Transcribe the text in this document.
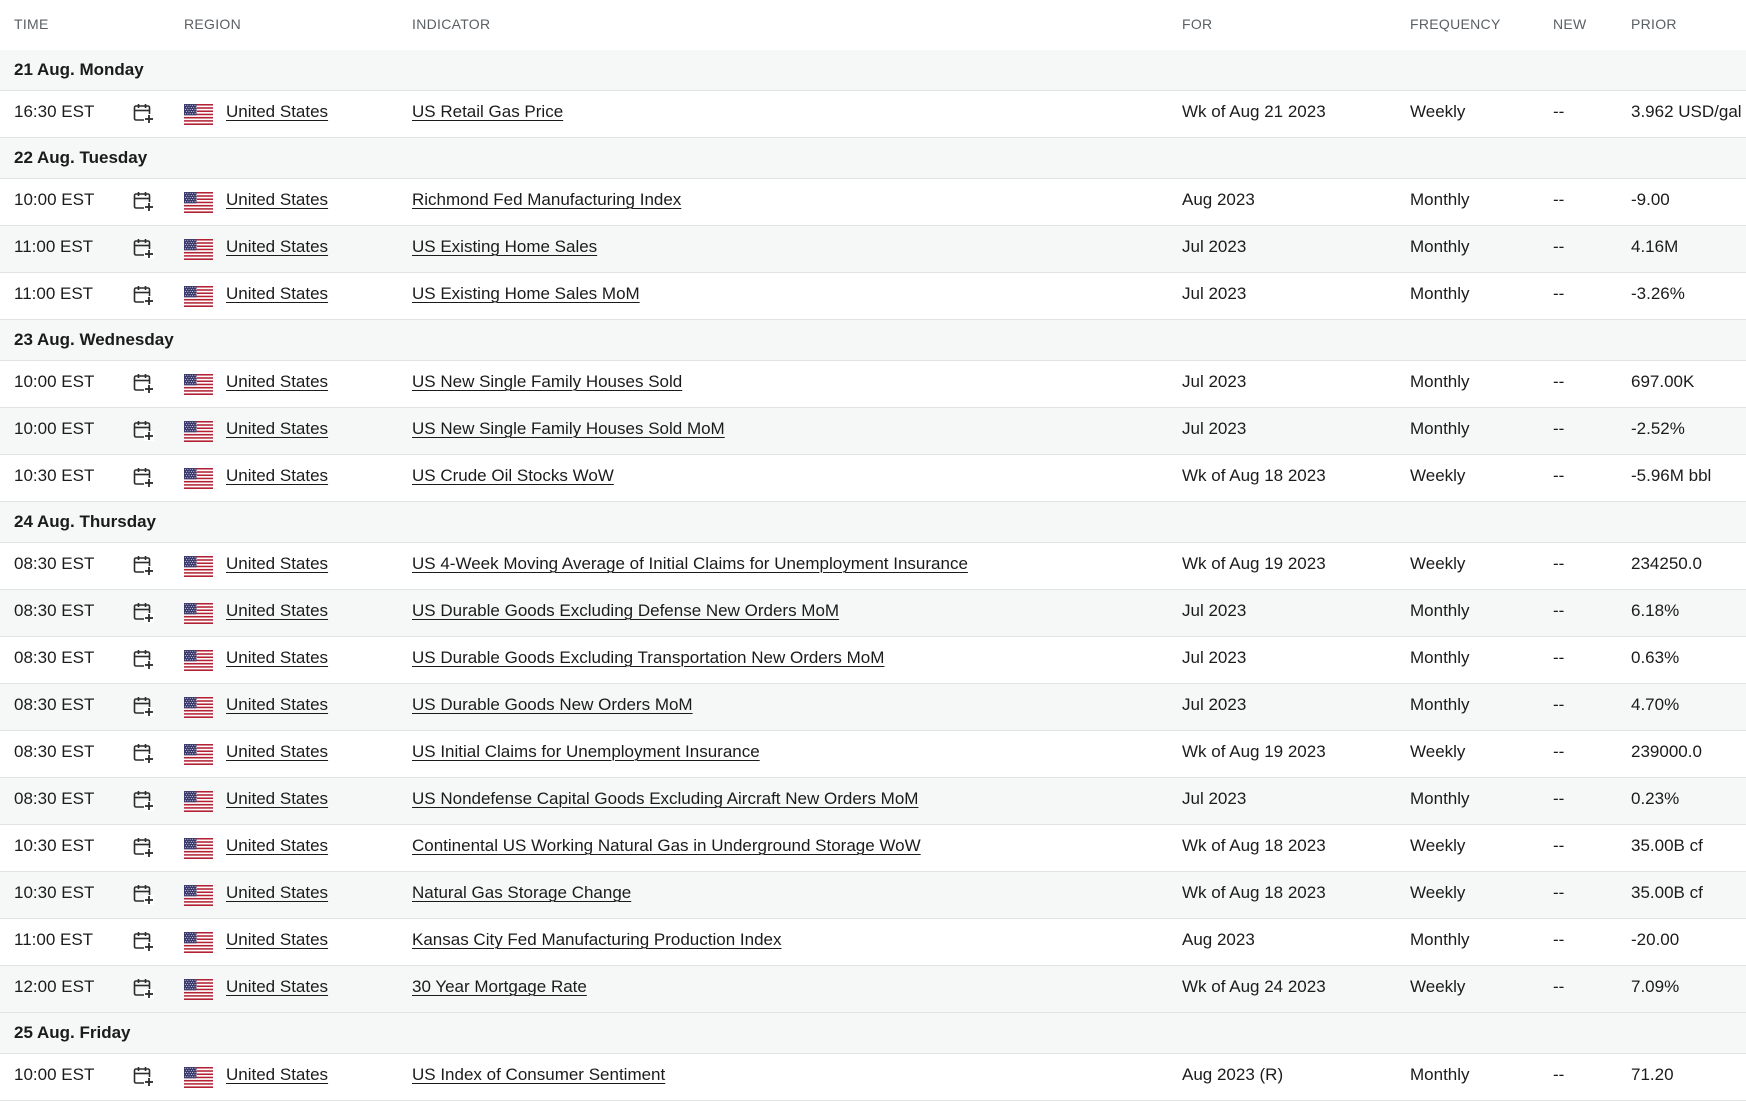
TIME	REGION	INDICATOR	FOR	FREQUENCY	NEW	PRIOR
21 Aug. Monday
16:30 EST	United States	US Retail Gas Price	Wk of Aug 21 2023	Weekly	--	3.962 USD/gal
22 Aug. Tuesday
10:00 EST	United States	Richmond Fed Manufacturing Index	Aug 2023	Monthly	--	-9.00
11:00 EST	United States	US Existing Home Sales	Jul 2023	Monthly	--	4.16M
11:00 EST	United States	US Existing Home Sales MoM	Jul 2023	Monthly	--	-3.26%
23 Aug. Wednesday
10:00 EST	United States	US New Single Family Houses Sold	Jul 2023	Monthly	--	697.00K
10:00 EST	United States	US New Single Family Houses Sold MoM	Jul 2023	Monthly	--	-2.52%
10:30 EST	United States	US Crude Oil Stocks WoW	Wk of Aug 18 2023	Weekly	--	-5.96M bbl
24 Aug. Thursday
08:30 EST	United States	US 4-Week Moving Average of Initial Claims for Unemployment Insurance	Wk of Aug 19 2023	Weekly	--	234250.0
08:30 EST	United States	US Durable Goods Excluding Defense New Orders MoM	Jul 2023	Monthly	--	6.18%
08:30 EST	United States	US Durable Goods Excluding Transportation New Orders MoM	Jul 2023	Monthly	--	0.63%
08:30 EST	United States	US Durable Goods New Orders MoM	Jul 2023	Monthly	--	4.70%
08:30 EST	United States	US Initial Claims for Unemployment Insurance	Wk of Aug 19 2023	Weekly	--	239000.0
08:30 EST	United States	US Nondefense Capital Goods Excluding Aircraft New Orders MoM	Jul 2023	Monthly	--	0.23%
10:30 EST	United States	Continental US Working Natural Gas in Underground Storage WoW	Wk of Aug 18 2023	Weekly	--	35.00B cf
10:30 EST	United States	Natural Gas Storage Change	Wk of Aug 18 2023	Weekly	--	35.00B cf
11:00 EST	United States	Kansas City Fed Manufacturing Production Index	Aug 2023	Monthly	--	-20.00
12:00 EST	United States	30 Year Mortgage Rate	Wk of Aug 24 2023	Weekly	--	7.09%
25 Aug. Friday
10:00 EST	United States	US Index of Consumer Sentiment	Aug 2023 (R)	Monthly	--	71.20
